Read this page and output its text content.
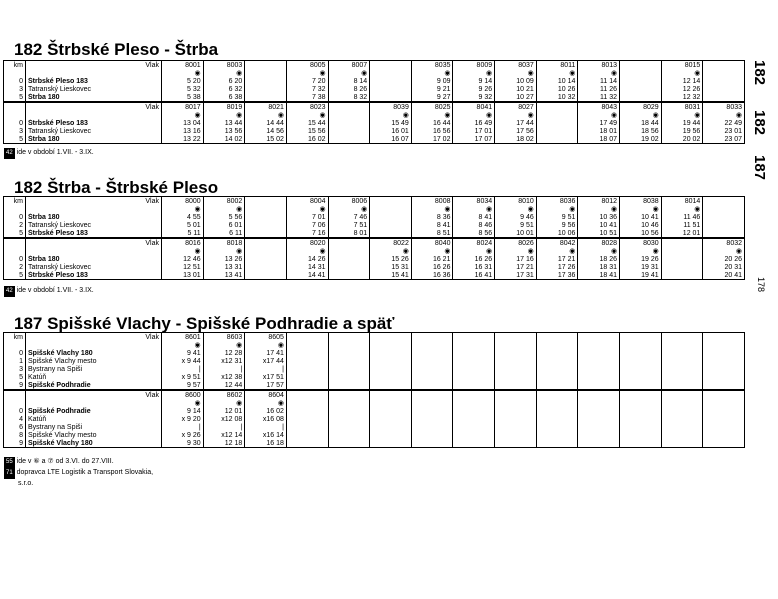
182 Štrbské Pleso - Štrba
182 Štrba - Štrbské Pleso
187 Spišské Vlachy - Spišské Podhradie a späť
182
182
187
178
km	Vlak	8001	8003		8005	8007		8035	8009	8037	8011	8013		8015	
		◉	◉		◉	◉		◉	◉	◉	◉	◉		◉	
0	Štrbské Pleso 183	5 20	6 20		7 20	8 14		9 09	9 14	10 09	10 14	11 14		12 14	
3	Tatranský Lieskovec	5 32	6 32		7 32	8 26		9 21	9 26	10 21	10 26	11 26		12 26	
5	Štrba 180	5 38	6 38		7 38	8 32		9 27	9 32	10 27	10 32	11 32		12 32	
	Vlak	8017	8019	8021	8023		8039	8025	8041	8027		8043	8029	8031	8033
		◉	◉	◉	◉		◉	◉	◉	◉		◉	◉	◉	◉
0	Štrbské Pleso 183	13 04	13 44	14 44	15 44		15 49	16 44	16 49	17 44		17 49	18 44	19 44	22 49
3	Tatranský Lieskovec	13 16	13 56	14 56	15 56		16 01	16 56	17 01	17 56		18 01	18 56	19 56	23 01
5	Štrba 180	13 22	14 02	15 02	16 02		16 07	17 02	17 07	18 02		18 07	19 02	20 02	23 07
42 ide v období 1.VII. - 3.IX.
km	Vlak	8000	8002		8004	8006		8008	8034	8010	8036	8012	8038	8014	
		◉	◉		◉	◉		◉	◉	◉	◉	◉	◉	◉	
0	Štrba 180	4 55	5 56		7 01	7 46		8 36	8 41	9 46	9 51	10 36	10 41	11 46	
2	Tatranský Lieskovec	5 01	6 01		7 06	7 51		8 41	8 46	9 51	9 56	10 41	10 46	11 51	
5	Štrbské Pleso 183	5 11	6 11		7 16	8 01		8 51	8 56	10 01	10 06	10 51	10 56	12 01	
	Vlak	8016	8018		8020		8022	8040	8024	8026	8042	8028	8030		8032
		◉	◉		◉		◉	◉	◉	◉	◉	◉	◉		◉
0	Štrba 180	12 46	13 26		14 26		15 26	16 21	16 26	17 16	17 21	18 26	19 26		20 26
2	Tatranský Lieskovec	12 51	13 31		14 31		15 31	16 26	16 31	17 21	17 26	18 31	19 31		20 31
5	Štrbské Pleso 183	13 01	13 41		14 41		15 41	16 36	16 41	17 31	17 36	18 41	19 41		20 41
42 ide v období 1.VII. - 3.IX.
km	Vlak	8601	8603	8605											
		◉	◉	◉											
0	Spišské Vlachy 180	9 41	12 28	17 41											
1	Spišské Vlachy mesto	x 9 44	x12 31	x17 44											
3	Bystrany na Spiši	|	|	|											
5	Katúň	x 9 51	x12 38	x17 51											
9	Spišské Podhradie	9 57	12 44	17 57											
	Vlak	8600	8602	8604											
		◉	◉	◉											
0	Spišské Podhradie	9 14	12 01	16 02											
4	Katúň	x 9 20	x12 08	x16 08											
6	Bystrany na Spiši	|	|	|											
8	Spišské Vlachy mesto	x 9 26	x12 14	x16 14											
9	Spišské Vlachy 180	9 30	12 18	16 18											
55 ide v ⑥ a ⑦ od 3.VI. do 27.VIII.
71 dopravca LTE Logistik a Transport Slovakia,
s.r.o.
